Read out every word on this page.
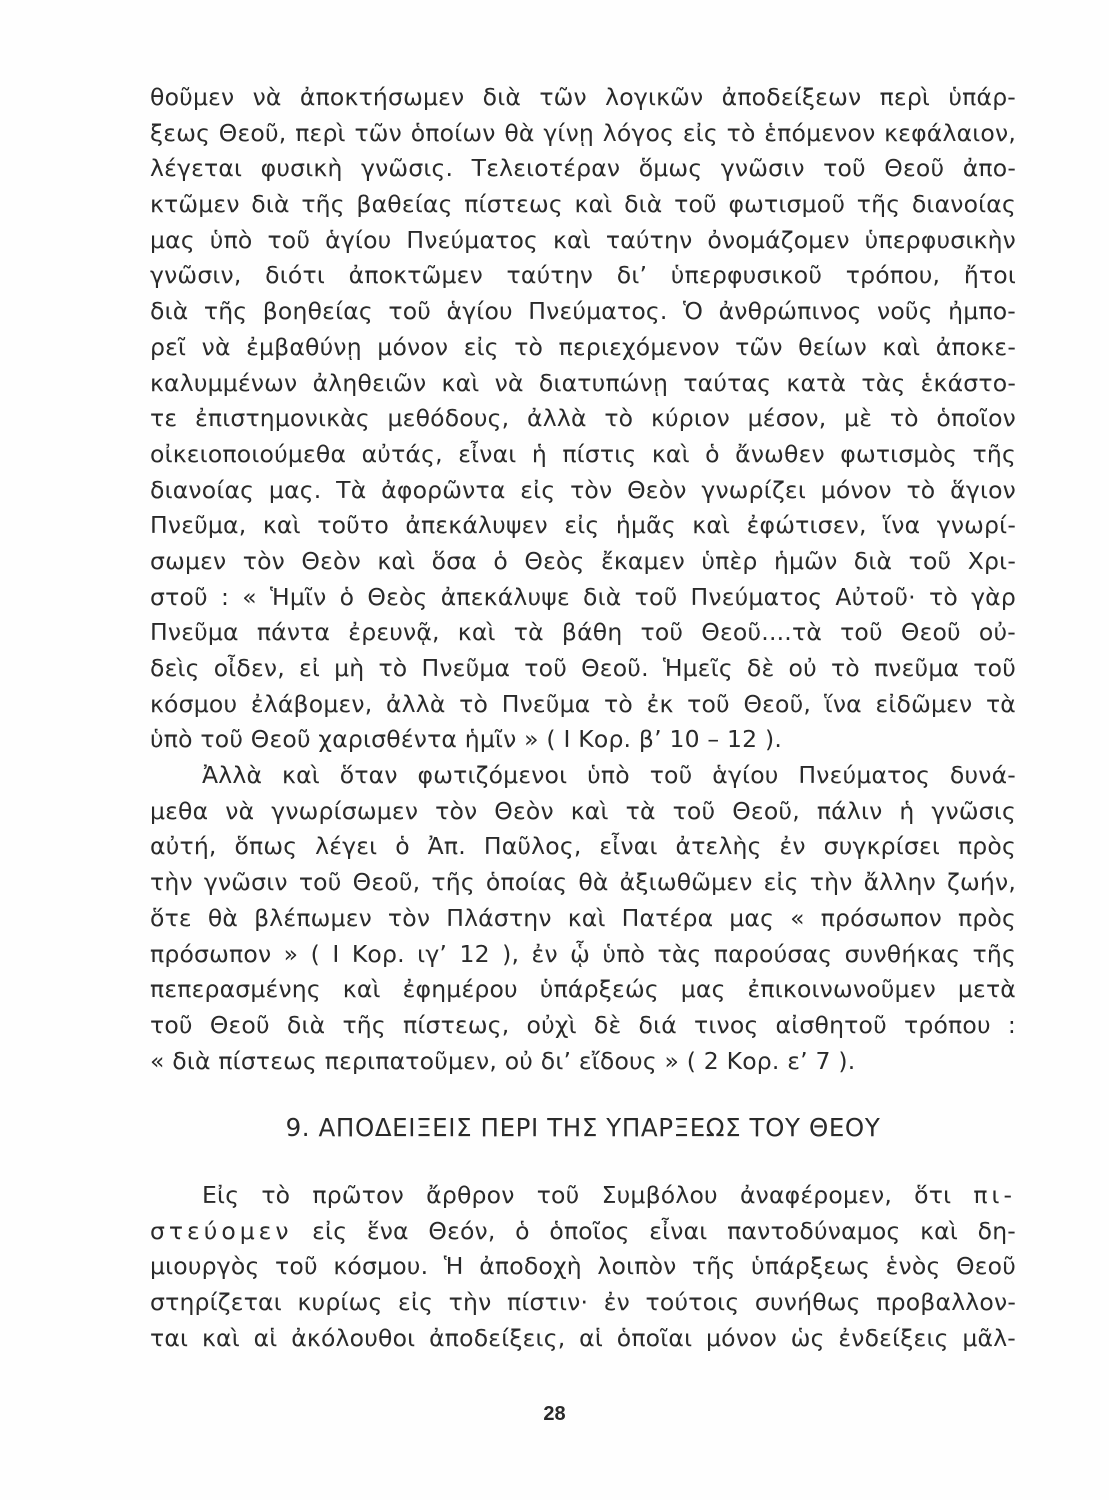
θοῦμεν νὰ ἀποκτήσωμεν διὰ τῶν λογικῶν ἀποδείξεων περὶ ὑπάρ-
ξεως Θεοῦ, περὶ τῶν ὁποίων θὰ γίνῃ λόγος εἰς τὸ ἑπόμενον κεφάλαιον,
λέγεται φυσικὴ γνῶσις. Τελειοτέραν ὅμως γνῶσιν τοῦ Θεοῦ ἀπο-
κτῶμεν διὰ τῆς βαθείας πίστεως καὶ διὰ τοῦ φωτισμοῦ τῆς διανοίας
μας ὑπὸ τοῦ ἁγίου Πνεύματος καὶ ταύτην ὀνομάζομεν ὑπερφυσικὴν
γνῶσιν, διότι ἀποκτῶμεν ταύτην δι’ ὑπερφυσικοῦ τρόπου, ἤτοι
διὰ τῆς βοηθείας τοῦ ἁγίου Πνεύματος. Ὁ ἀνθρώπινος νοῦς ἠμπο-
ρεῖ νὰ ἐμβαθύνῃ μόνον εἰς τὸ περιεχόμενον τῶν θείων καὶ ἀποκε-
καλυμμένων ἀληθειῶν καὶ νὰ διατυπώνῃ ταύτας κατὰ τὰς ἑκάστο-
τε ἐπιστημονικὰς μεθόδους, ἀλλὰ τὸ κύριον μέσον, μὲ τὸ ὁποῖον
οἰκειοποιούμεθα αὐτάς, εἶναι ἡ πίστις καὶ ὁ ἄνωθεν φωτισμὸς τῆς
διανοίας μας. Τὰ ἀφορῶντα εἰς τὸν Θεὸν γνωρίζει μόνον τὸ ἅγιον
Πνεῦμα, καὶ τοῦτο ἀπεκάλυψεν εἰς ἡμᾶς καὶ ἐφώτισεν, ἵνα γνωρί-
σωμεν τὸν Θεὸν καὶ ὅσα ὁ Θεὸς ἔκαμεν ὑπὲρ ἡμῶν διὰ τοῦ Χρι-
στοῦ : « Ἡμῖν ὁ Θεὸς ἀπεκάλυψε διὰ τοῦ Πνεύματος Αὐτοῦ· τὸ γὰρ
Πνεῦμα πάντα ἐρευνᾷ, καὶ τὰ βάθη τοῦ Θεοῦ....τὰ τοῦ Θεοῦ οὐ-
δεὶς οἶδεν, εἰ μὴ τὸ Πνεῦμα τοῦ Θεοῦ. Ἡμεῖς δὲ οὐ τὸ πνεῦμα τοῦ
κόσμου ἐλάβομεν, ἀλλὰ τὸ Πνεῦμα τὸ ἐκ τοῦ Θεοῦ, ἵνα εἰδῶμεν τὰ
ὑπὸ τοῦ Θεοῦ χαρισθέντα ἡμῖν » ( Ι Κορ. β’ 10 – 12 ).
Ἀλλὰ καὶ ὅταν φωτιζόμενοι ὑπὸ τοῦ ἁγίου Πνεύματος δυνά-
μεθα νὰ γνωρίσωμεν τὸν Θεὸν καὶ τὰ τοῦ Θεοῦ, πάλιν ἡ γνῶσις
αὐτή, ὅπως λέγει ὁ Ἀπ. Παῦλος, εἶναι ἀτελὴς ἐν συγκρίσει πρὸς
τὴν γνῶσιν τοῦ Θεοῦ, τῆς ὁποίας θὰ ἀξιωθῶμεν εἰς τὴν ἄλλην ζωήν,
ὅτε θὰ βλέπωμεν τὸν Πλάστην καὶ Πατέρα μας « πρόσωπον πρὸς
πρόσωπον » ( Ι Κορ. ιγ’ 12 ), ἐν ᾧ ὑπὸ τὰς παρούσας συνθήκας τῆς
πεπερασμένης καὶ ἐφημέρου ὑπάρξεώς μας ἐπικοινωνοῦμεν μετὰ
τοῦ Θεοῦ διὰ τῆς πίστεως, οὐχὶ δὲ διά τινος αἰσθητοῦ τρόπου :
« διὰ πίστεως περιπατοῦμεν, οὐ δι’ εἴδους » ( 2 Κορ. ε’ 7 ).
9. ΑΠΟΔΕΙΞΕΙΣ ΠΕΡΙ ΤΗΣ ΥΠΑΡΞΕΩΣ ΤΟΥ ΘΕΟΥ
Εἰς τὸ πρῶτον ἄρθρον τοῦ Συμβόλου ἀναφέρομεν, ὅτι πι-
στεύομεν εἰς ἕνα Θεόν, ὁ ὁποῖος εἶναι παντοδύναμος καὶ δη-
μιουργὸς τοῦ κόσμου. Ἡ ἀποδοχὴ λοιπὸν τῆς ὑπάρξεως ἑνὸς Θεοῦ
στηρίζεται κυρίως εἰς τὴν πίστιν· ἐν τούτοις συνήθως προβαλλον-
ται καὶ αἱ ἀκόλουθοι ἀποδείξεις, αἱ ὁποῖαι μόνον ὡς ἐνδείξεις μᾶλ-
28
